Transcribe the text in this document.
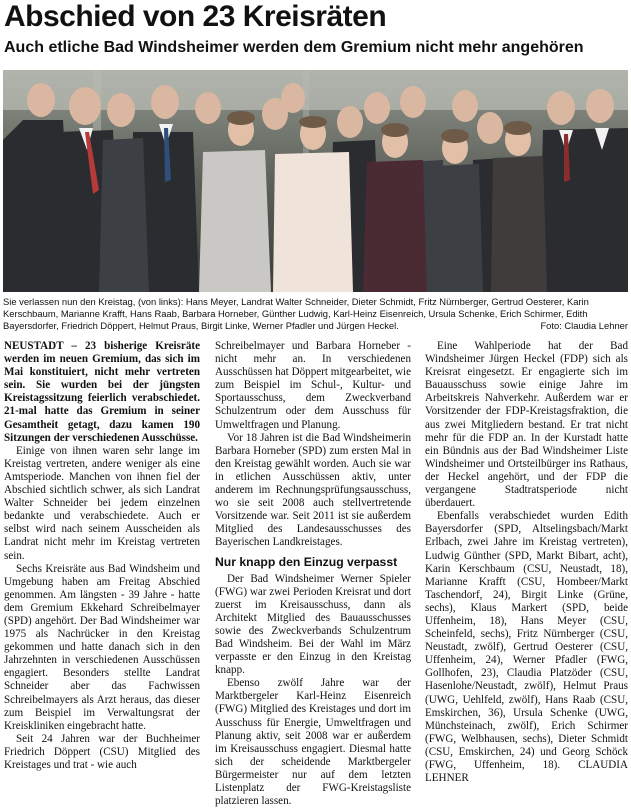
Abschied von 23 Kreisräten
Auch etliche Bad Windsheimer werden dem Gremium nicht mehr angehören

Sie verlassen nun den Kreistag, (von links): Hans Meyer, Landrat Walter Schneider, Dieter Schmidt, Fritz Nürnberger, Gertrud Oesterer, Karin Kerschbaum, Marianne Krafft, Hans Raab, Barbara Horneber, Günther Ludwig, Karl-Heinz Eisenreich, Ursula Schenke, Erich Schirmer, Edith Bayersdorfer, Friedrich Döppert, Helmut Praus, Birgit Linke, Werner Pfadler und Jürgen Heckel.	Foto: Claudia Lehner

NEUSTADT – 23 bisherige Kreisräte werden im neuen Gremium, das sich im Mai konstituiert, nicht mehr vertreten sein. Sie wurden bei der jüngsten Kreistagssitzung feierlich verabschiedet. 21-mal hatte das Gremium in seiner Gesamtheit getagt, dazu kamen 190 Sitzungen der verschiedenen Ausschüsse.

Einige von ihnen waren sehr lange im Kreistag vertreten, andere weniger als eine Amtsperiode. Manchen von ihnen fiel der Abschied sichtlich schwer, als sich Landrat Walter Schneider bei jedem einzelnen bedankte und verabschiedete. Auch er selbst wird nach seinem Ausscheiden als Landrat nicht mehr im Kreistag vertreten sein.

Sechs Kreisräte aus Bad Windsheim und Umgebung haben am Freitag Abschied genommen. Am längsten - 39 Jahre - hatte dem Gremium Ekkehard Schreibelmayer (SPD) angehört. Der Bad Windsheimer war 1975 als Nachrücker in den Kreistag gekommen und hatte danach sich in den Jahrzehnten in verschiedenen Ausschüssen engagiert. Besonders stellte Landrat Schneider aber das Fachwissen Schreibelmayers als Arzt heraus, das dieser zum Beispiel im Verwaltungsrat der Kreiskliniken eingebracht hatte.

Seit 24 Jahren war der Buchheimer Friedrich Döppert (CSU) Mitglied des Kreistages und trat - wie auch

Schreibelmayer und Barbara Horneber - nicht mehr an. In verschiedenen Ausschüssen hat Döppert mitgearbeitet, wie zum Beispiel im Schul-, Kultur- und Sportausschuss, dem Zweckverband Schulzentrum oder dem Ausschuss für Umweltfragen und Planung.

Vor 18 Jahren ist die Bad Windsheimerin Barbara Horneber (SPD) zum ersten Mal in den Kreistag gewählt worden. Auch sie war in etlichen Ausschüssen aktiv, unter anderem im Rechnungsprüfungsausschuss, wo sie seit 2008 auch stellvertretende Vorsitzende war. Seit 2011 ist sie außerdem Mitglied des Landesausschusses des Bayerischen Landkreistages.

Nur knapp den Einzug verpasst

Der Bad Windsheimer Werner Spieler (FWG) war zwei Perioden Kreisrat und dort zuerst im Kreisausschuss, dann als Architekt Mitglied des Bauausschusses sowie des Zweckverbands Schulzentrum Bad Windsheim. Bei der Wahl im März verpasste er den Einzug in den Kreistag knapp.

Ebenso zwölf Jahre war der Marktbergeler Karl-Heinz Eisenreich (FWG) Mitglied des Kreistages und dort im Ausschuss für Energie, Umweltfragen und Planung aktiv, seit 2008 war er außerdem im Kreisausschuss engagiert. Diesmal hatte sich der scheidende Marktbergeler Bürgermeister nur auf dem letzten Listenplatz der FWG-Kreistagsliste platzieren lassen.

Eine Wahlperiode hat der Bad Windsheimer Jürgen Heckel (FDP) sich als Kreisrat eingesetzt. Er engagierte sich im Bauausschuss sowie einige Jahre im Arbeitskreis Nahverkehr. Außerdem war er Vorsitzender der FDP-Kreistagsfraktion, die aus zwei Mitgliedern bestand. Er trat nicht mehr für die FDP an. In der Kurstadt hatte ein Bündnis aus der Bad Windsheimer Liste Windsheimer und Ortsteilbürger ins Rathaus, der Heckel angehört, und der FDP die vergangene Stadtratsperiode nicht überdauert.

Ebenfalls verabschiedet wurden Edith Bayersdorfer (SPD, Altselingsbach/Markt Erlbach, zwei Jahre im Kreistag vertreten), Ludwig Günther (SPD, Markt Bibart, acht), Karin Kerschbaum (CSU, Neustadt, 18), Marianne Krafft (CSU, Hombeer/Markt Taschendorf, 24), Birgit Linke (Grüne, sechs), Klaus Markert (SPD, beide Uffenheim, 18), Hans Meyer (CSU, Scheinfeld, sechs), Fritz Nürnberger (CSU, Neustadt, zwölf), Gertrud Oesterer (CSU, Uffenheim, 24), Werner Pfadler (FWG, Gollhofen, 23), Claudia Platzöder (CSU, Hasenlohe/Neustadt, zwölf), Helmut Praus (UWG, Uehlfeld, zwölf), Hans Raab (CSU, Emskirchen, 36), Ursula Schenke (UWG, Münchsteinach, zwölf), Erich Schirmer (FWG, Welbhausen, sechs), Dieter Schmidt (CSU, Emskirchen, 24) und Georg Schöck (FWG, Uffenheim, 18). CLAUDIA LEHNER
